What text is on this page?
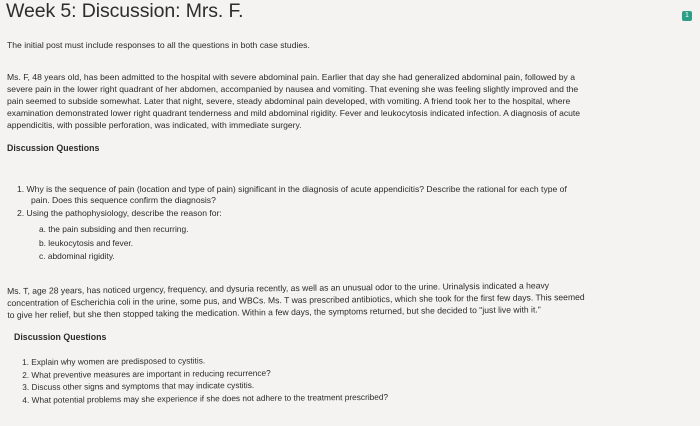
Week 5: Discussion: Mrs. F.	1
The initial post must include responses to all the questions in both case studies.
Ms. F, 48 years old, has been admitted to the hospital with severe abdominal pain. Earlier that day she had generalized abdominal pain, followed by a
severe pain in the lower right quadrant of her abdomen, accompanied by nausea and vomiting. That evening she was feeling slightly improved and the
pain seemed to subside somewhat. Later that night, severe, steady abdominal pain developed, with vomiting. A friend took her to the hospital, where
examination demonstrated lower right quadrant tenderness and mild abdominal rigidity. Fever and leukocytosis indicated infection. A diagnosis of acute
appendicitis, with possible perforation, was indicated, with immediate surgery.
Discussion Questions
1. Why is the sequence of pain (location and type of pain) significant in the diagnosis of acute appendicitis? Describe the rational for each type of
pain. Does this sequence confirm the diagnosis?
2. Using the pathophysiology, describe the reason for:
a. the pain subsiding and then recurring.
b. leukocytosis and fever.
c. abdominal rigidity.
Ms. T, age 28 years, has noticed urgency, frequency, and dysuria recently, as well as an unusual odor to the urine. Urinalysis indicated a heavy
concentration of Escherichia coli in the urine, some pus, and WBCs. Ms. T was prescribed antibiotics, which she took for the first few days. This seemed
to give her relief, but she then stopped taking the medication. Within a few days, the symptoms returned, but she decided to "just live with it."
Discussion Questions
1. Explain why women are predisposed to cystitis.
2. What preventive measures are important in reducing recurrence?
3. Discuss other signs and symptoms that may indicate cystitis.
4. What potential problems may she experience if she does not adhere to the treatment prescribed?
